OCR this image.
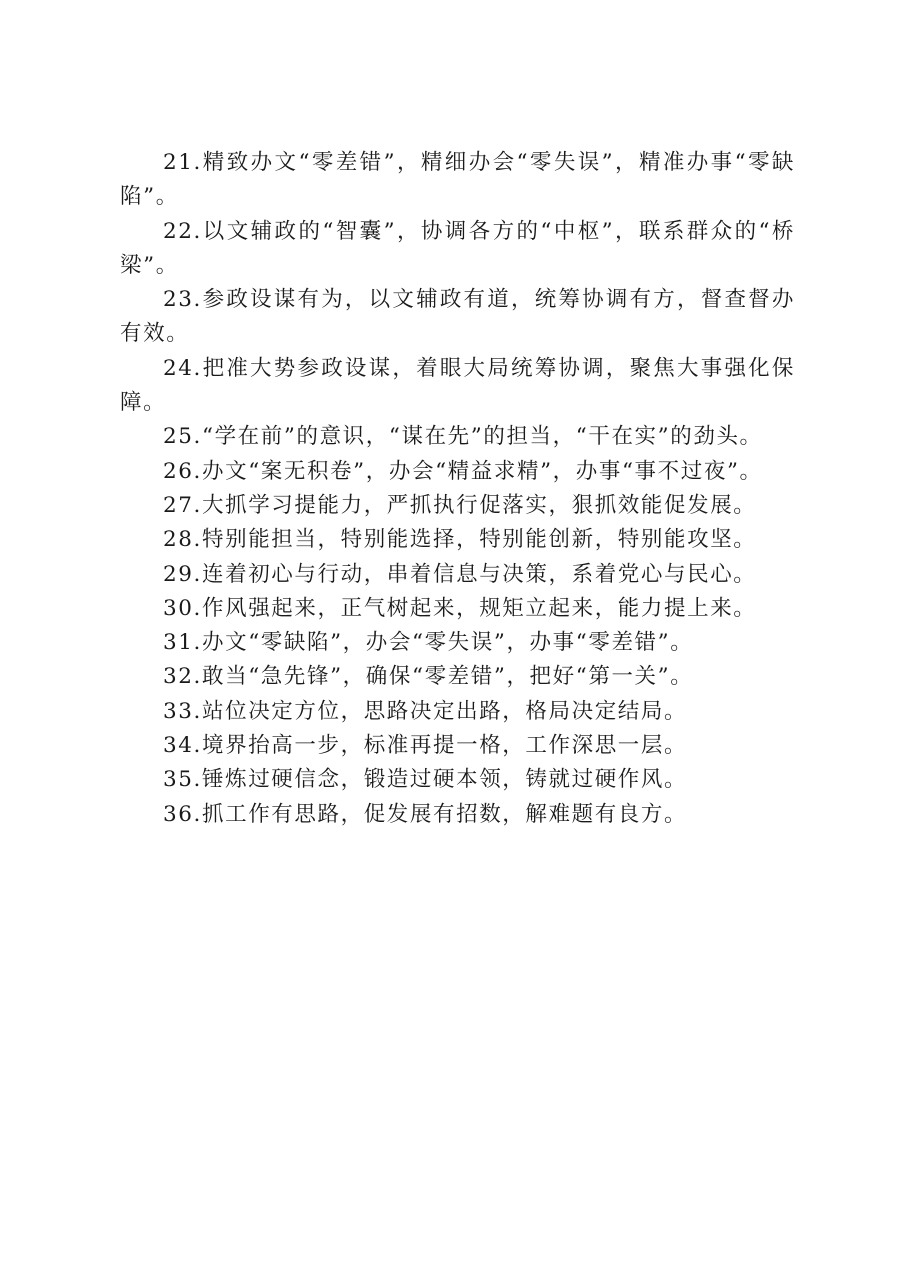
21.精致办文“零差错”，精细办会“零失误”，精准办事“零缺陷”。

22.以文辅政的“智囊”，协调各方的“中枢”，联系群众的“桥梁”。

23.参政设谋有为，以文辅政有道，统筹协调有方，督查督办有效。

24.把准大势参政设谋，着眼大局统筹协调，聚焦大事强化保障。

25.“学在前”的意识，“谋在先”的担当，“干在实”的劲头。

26.办文“案无积卷”，办会“精益求精”，办事“事不过夜”。

27.大抓学习提能力，严抓执行促落实，狠抓效能促发展。

28.特别能担当，特别能选择，特别能创新，特别能攻坚。

29.连着初心与行动，串着信息与决策，系着党心与民心。

30.作风强起来，正气树起来，规矩立起来，能力提上来。

31.办文“零缺陷”，办会“零失误”，办事“零差错”。

32.敢当“急先锋”，确保“零差错”，把好“第一关”。

33.站位决定方位，思路决定出路，格局决定结局。

34.境界抬高一步，标准再提一格，工作深思一层。

35.锤炼过硬信念，锻造过硬本领，铸就过硬作风。

36.抓工作有思路，促发展有招数，解难题有良方。
